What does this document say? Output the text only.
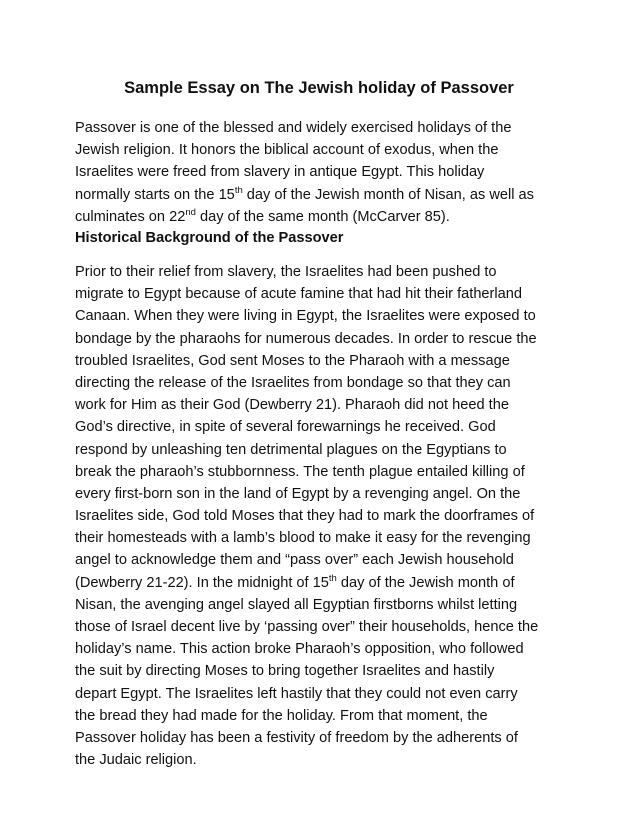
Sample Essay on The Jewish holiday of Passover
Passover is one of the blessed and widely exercised holidays of the
Jewish religion. It honors the biblical account of exodus, when the
Israelites were freed from slavery in antique Egypt. This holiday
normally starts on the 15th day of the Jewish month of Nisan, as well as
culminates on 22nd day of the same month (McCarver 85).
Historical Background of the Passover
Prior to their relief from slavery, the Israelites had been pushed to
migrate to Egypt because of acute famine that had hit their fatherland
Canaan. When they were living in Egypt, the Israelites were exposed to
bondage by the pharaohs for numerous decades. In order to rescue the
troubled Israelites, God sent Moses to the Pharaoh with a message
directing the release of the Israelites from bondage so that they can
work for Him as their God (Dewberry 21). Pharaoh did not heed the
God’s directive, in spite of several forewarnings he received. God
respond by unleashing ten detrimental plagues on the Egyptians to
break the pharaoh’s stubbornness. The tenth plague entailed killing of
every first-born son in the land of Egypt by a revenging angel. On the
Israelites side, God told Moses that they had to mark the doorframes of
their homesteads with a lamb’s blood to make it easy for the revenging
angel to acknowledge them and “pass over” each Jewish household
(Dewberry 21-22). In the midnight of 15th day of the Jewish month of
Nisan, the avenging angel slayed all Egyptian firstborns whilst letting
those of Israel decent live by ‘passing over” their households, hence the
holiday’s name. This action broke Pharaoh’s opposition, who followed
the suit by directing Moses to bring together Israelites and hastily
depart Egypt. The Israelites left hastily that they could not even carry
the bread they had made for the holiday. From that moment, the
Passover holiday has been a festivity of freedom by the adherents of
the Judaic religion.
